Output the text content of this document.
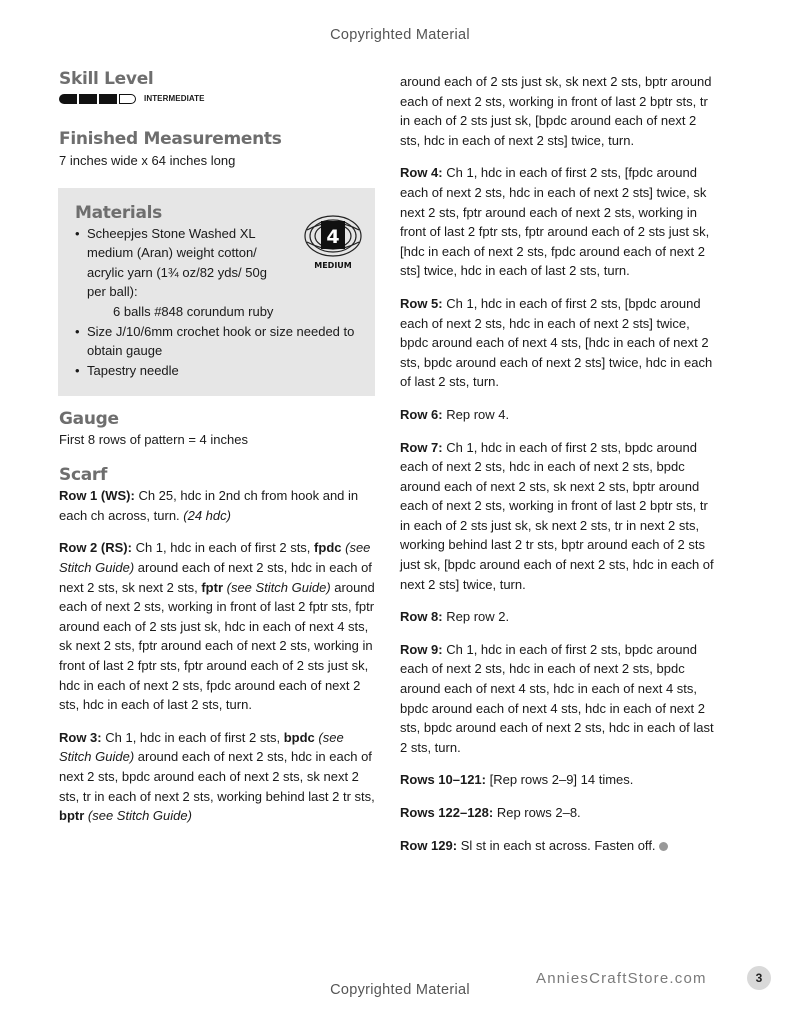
Copyrighted Material
Skill Level
INTERMEDIATE
Finished Measurements
7 inches wide x 64 inches long
Materials
4
MEDIUM
• Scheepjes Stone Washed XL medium (Aran) weight cotton/ acrylic yarn (1¾ oz/82 yds/ 50g per ball):
6 balls #848 corundum ruby
• Size J/10/6mm crochet hook or size needed to obtain gauge
• Tapestry needle
Gauge
First 8 rows of pattern = 4 inches
Scarf

Row 1 (WS): Ch 25, hdc in 2nd ch from hook and in each ch across, turn. (24 hdc)

Row 2 (RS): Ch 1, hdc in each of first 2 sts, fpdc (see Stitch Guide) around each of next 2 sts, hdc in each of next 2 sts, sk next 2 sts, fptr (see Stitch Guide) around each of next 2 sts, working in front of last 2 fptr sts, fptr around each of 2 sts just sk, hdc in each of next 4 sts, sk next 2 sts, fptr around each of next 2 sts, working in front of last 2 fptr sts, fptr around each of 2 sts just sk, hdc in each of next 2 sts, fpdc around each of next 2 sts, hdc in each of last 2 sts, turn.

Row 3: Ch 1, hdc in each of first 2 sts, bpdc (see Stitch Guide) around each of next 2 sts, hdc in each of next 2 sts, bpdc around each of next 2 sts, sk next 2 sts, tr in each of next 2 sts, working behind last 2 tr sts, bptr (see Stitch Guide)

around each of 2 sts just sk, sk next 2 sts, bptr around each of next 2 sts, working in front of last 2 bptr sts, tr in each of 2 sts just sk, [bpdc around each of next 2 sts, hdc in each of next 2 sts] twice, turn.

Row 4: Ch 1, hdc in each of first 2 sts, [fpdc around each of next 2 sts, hdc in each of next 2 sts] twice, sk next 2 sts, fptr around each of next 2 sts, working in front of last 2 fptr sts, fptr around each of 2 sts just sk, [hdc in each of next 2 sts, fpdc around each of next 2 sts] twice, hdc in each of last 2 sts, turn.

Row 5: Ch 1, hdc in each of first 2 sts, [bpdc around each of next 2 sts, hdc in each of next 2 sts] twice, bpdc around each of next 4 sts, [hdc in each of next 2 sts, bpdc around each of next 2 sts] twice, hdc in each of last 2 sts, turn.

Row 6: Rep row 4.

Row 7: Ch 1, hdc in each of first 2 sts, bpdc around each of next 2 sts, hdc in each of next 2 sts, bpdc around each of next 2 sts, sk next 2 sts, bptr around each of next 2 sts, working in front of last 2 bptr sts, tr in each of 2 sts just sk, sk next 2 sts, tr in next 2 sts, working behind last 2 tr sts, bptr around each of 2 sts just sk, [bpdc around each of next 2 sts, hdc in each of next 2 sts] twice, turn.

Row 8: Rep row 2.

Row 9: Ch 1, hdc in each of first 2 sts, bpdc around each of next 2 sts, hdc in each of next 2 sts, bpdc around each of next 4 sts, hdc in each of next 4 sts, bpdc around each of next 4 sts, hdc in each of next 2 sts, bpdc around each of next 2 sts, hdc in each of last 2 sts, turn.

Rows 10–121: [Rep rows 2–9] 14 times.

Rows 122–128: Rep rows 2–8.

Row 129: Sl st in each st across. Fasten off.

AnniesCraftStore.com	3
Copyrighted Material
